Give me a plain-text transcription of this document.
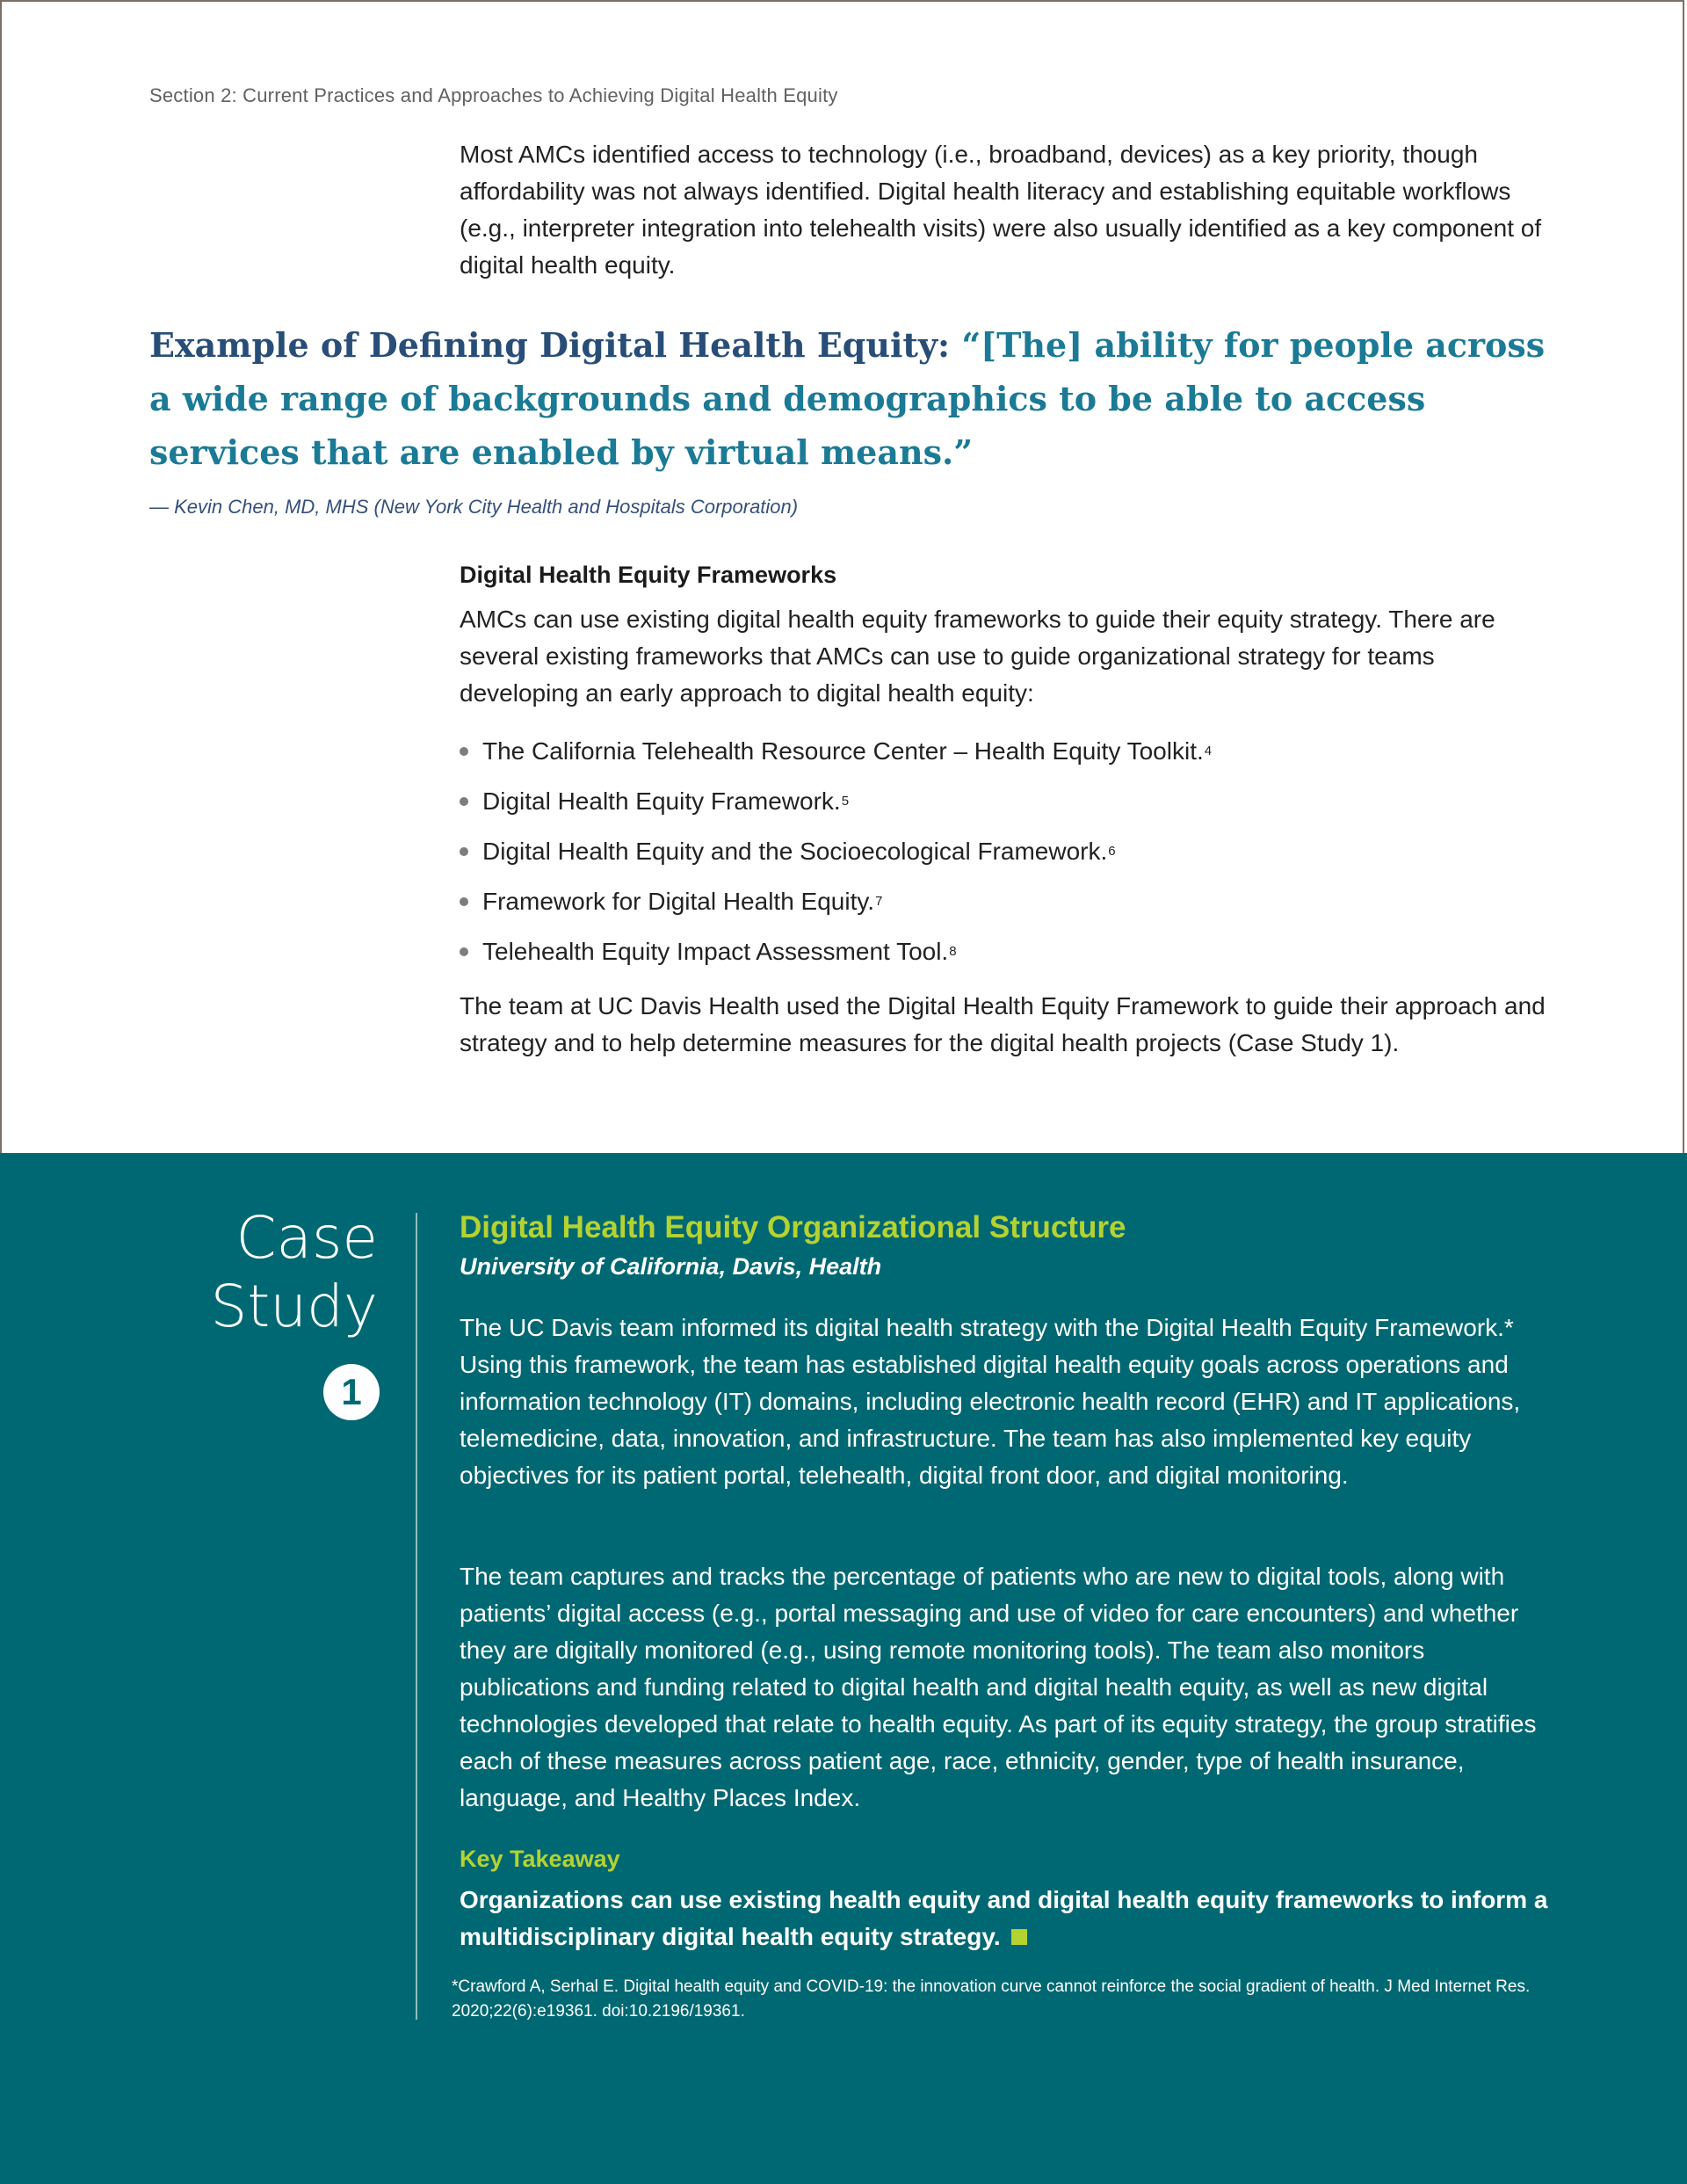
Section 2: Current Practices and Approaches to Achieving Digital Health Equity
Most AMCs identified access to technology (i.e., broadband, devices) as a key priority, though affordability was not always identified. Digital health literacy and establishing equitable workflows (e.g., interpreter integration into telehealth visits) were also usually identified as a key component of digital health equity.
Example of Defining Digital Health Equity: “[The] ability for people across a wide range of backgrounds and demographics to be able to access services that are enabled by virtual means.”
— Kevin Chen, MD, MHS (New York City Health and Hospitals Corporation)
Digital Health Equity Frameworks
AMCs can use existing digital health equity frameworks to guide their equity strategy. There are several existing frameworks that AMCs can use to guide organizational strategy for teams developing an early approach to digital health equity:
The California Telehealth Resource Center – Health Equity Toolkit. 4
Digital Health Equity Framework. 5
Digital Health Equity and the Socioecological Framework. 6
Framework for Digital Health Equity. 7
Telehealth Equity Impact Assessment Tool. 8
The team at UC Davis Health used the Digital Health Equity Framework to guide their approach and strategy and to help determine measures for the digital health projects (Case Study 1).
Case
Study
1
Digital Health Equity Organizational Structure
University of California, Davis, Health
The UC Davis team informed its digital health strategy with the Digital Health Equity Framework.* Using this framework, the team has established digital health equity goals across operations and information technology (IT) domains, including electronic health record (EHR) and IT applications, telemedicine, data, innovation, and infrastructure. The team has also implemented key equity objectives for its patient portal, telehealth, digital front door, and digital monitoring.
The team captures and tracks the percentage of patients who are new to digital tools, along with patients’ digital access (e.g., portal messaging and use of video for care encounters) and whether they are digitally monitored (e.g., using remote monitoring tools). The team also monitors publications and funding related to digital health and digital health equity, as well as new digital technologies developed that relate to health equity. As part of its equity strategy, the group stratifies each of these measures across patient age, race, ethnicity, gender, type of health insurance, language, and Healthy Places Index.
Key Takeaway
Organizations can use existing health equity and digital health equity frameworks to inform a multidisciplinary digital health equity strategy.
*Crawford A, Serhal E. Digital health equity and COVID-19: the innovation curve cannot reinforce the social gradient of health. J Med Internet Res. 2020;22(6):e19361. doi:10.2196/19361.
